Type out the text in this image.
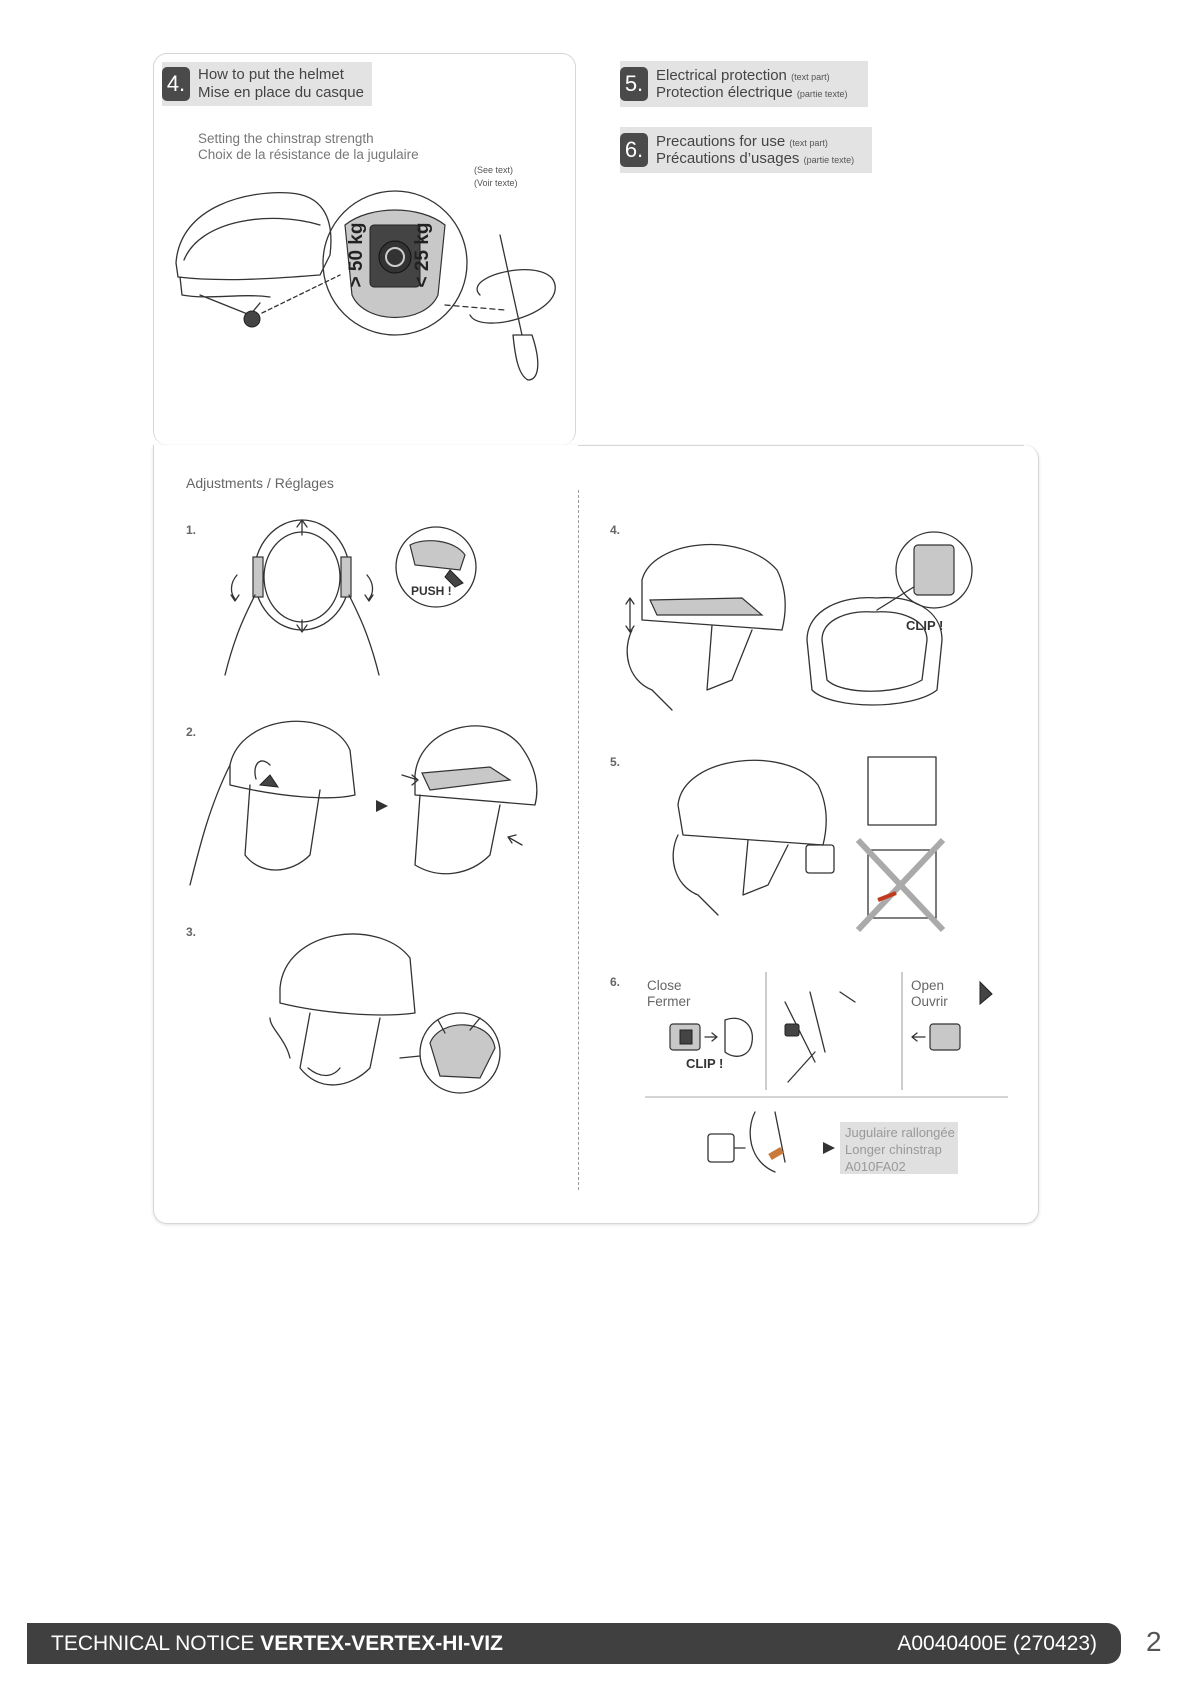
4. How to put the helmet
Mise en place du casque
Setting the chinstrap strength
Choix de la résistance de la jugulaire
(See text)
(Voir texte)
> 50 kg < 25 kg
5. Electrical protection (text part)
Protection électrique (partie texte)
6. Precautions for use (text part)
Précautions d’usages (partie texte)
Adjustments / Réglages
1.
2.
3.
4.
5.
6.
PUSH !
CLIP !
Close
Fermer
Open
Ouvrir
CLIP !
Jugulaire rallongée
Longer chinstrap
A010FA02
TECHNICAL NOTICE VERTEX-VERTEX-HI-VIZ	A0040400E (270423) 2
